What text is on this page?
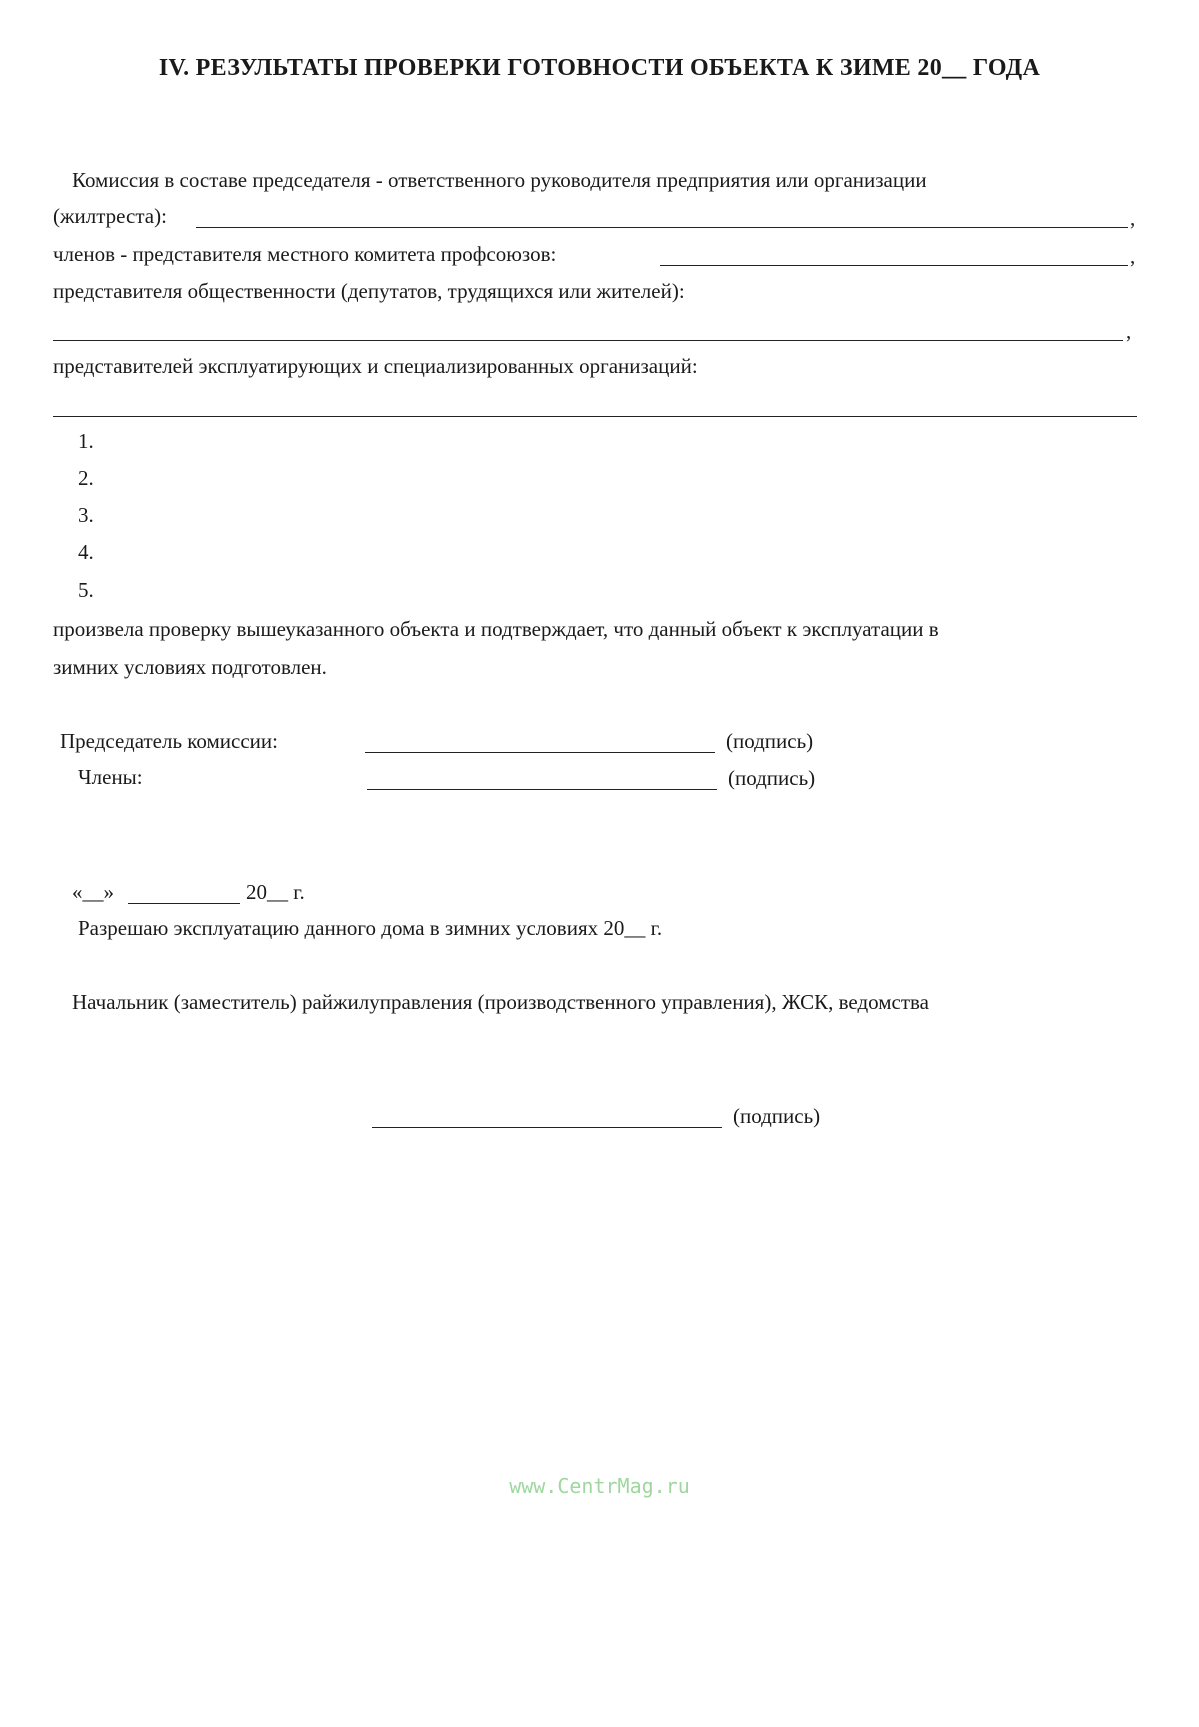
IV. РЕЗУЛЬТАТЫ ПРОВЕРКИ ГОТОВНОСТИ ОБЪЕКТА К ЗИМЕ 20__ ГОДА
Комиссия в составе председателя - ответственного руководителя предприятия или организации
(жилтреста):	,
членов - представителя местного комитета профсоюзов:	,
представителя общественности (депутатов, трудящихся или жителей):
,
представителей эксплуатирующих и специализированных организаций:
1.
2.
3.
4.
5.
произвела проверку вышеуказанного объекта и подтверждает, что данный объект к эксплуатации в
зимних условиях подготовлен.
Председатель комиссии:	(подпись)
Члены:	(подпись)
«__»	20__ г.
Разрешаю эксплуатацию данного дома в зимних условиях 20__ г.
Начальник (заместитель) райжилуправления (производственного управления), ЖСК, ведомства
(подпись)
www.CentrMag.ru
